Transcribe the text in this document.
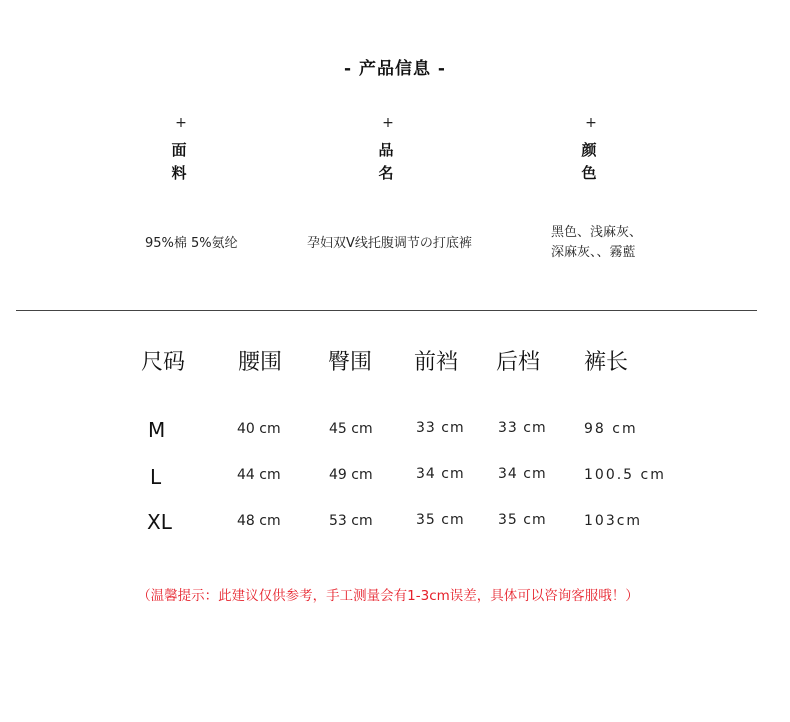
- 产品信息 -
+
面
料
95%棉 5%氨纶
+
品
名
孕妇双V线托腹调节の打底裤
+
颜
色
黑色、浅麻灰、
深麻灰、、霧藍
尺码 腰围 臀围 前裆 后档 裤长
M	40 cm	45 cm	33 cm 33 cm	98 cm
L	44 cm	49 cm	34 cm 34 cm	100.5 cm
XL	48 cm	53 cm	35 cm 35 cm	103cm
（温馨提示：此建议仅供参考，手工测量会有1-3cm误差，具体可以咨询客服哦！）
